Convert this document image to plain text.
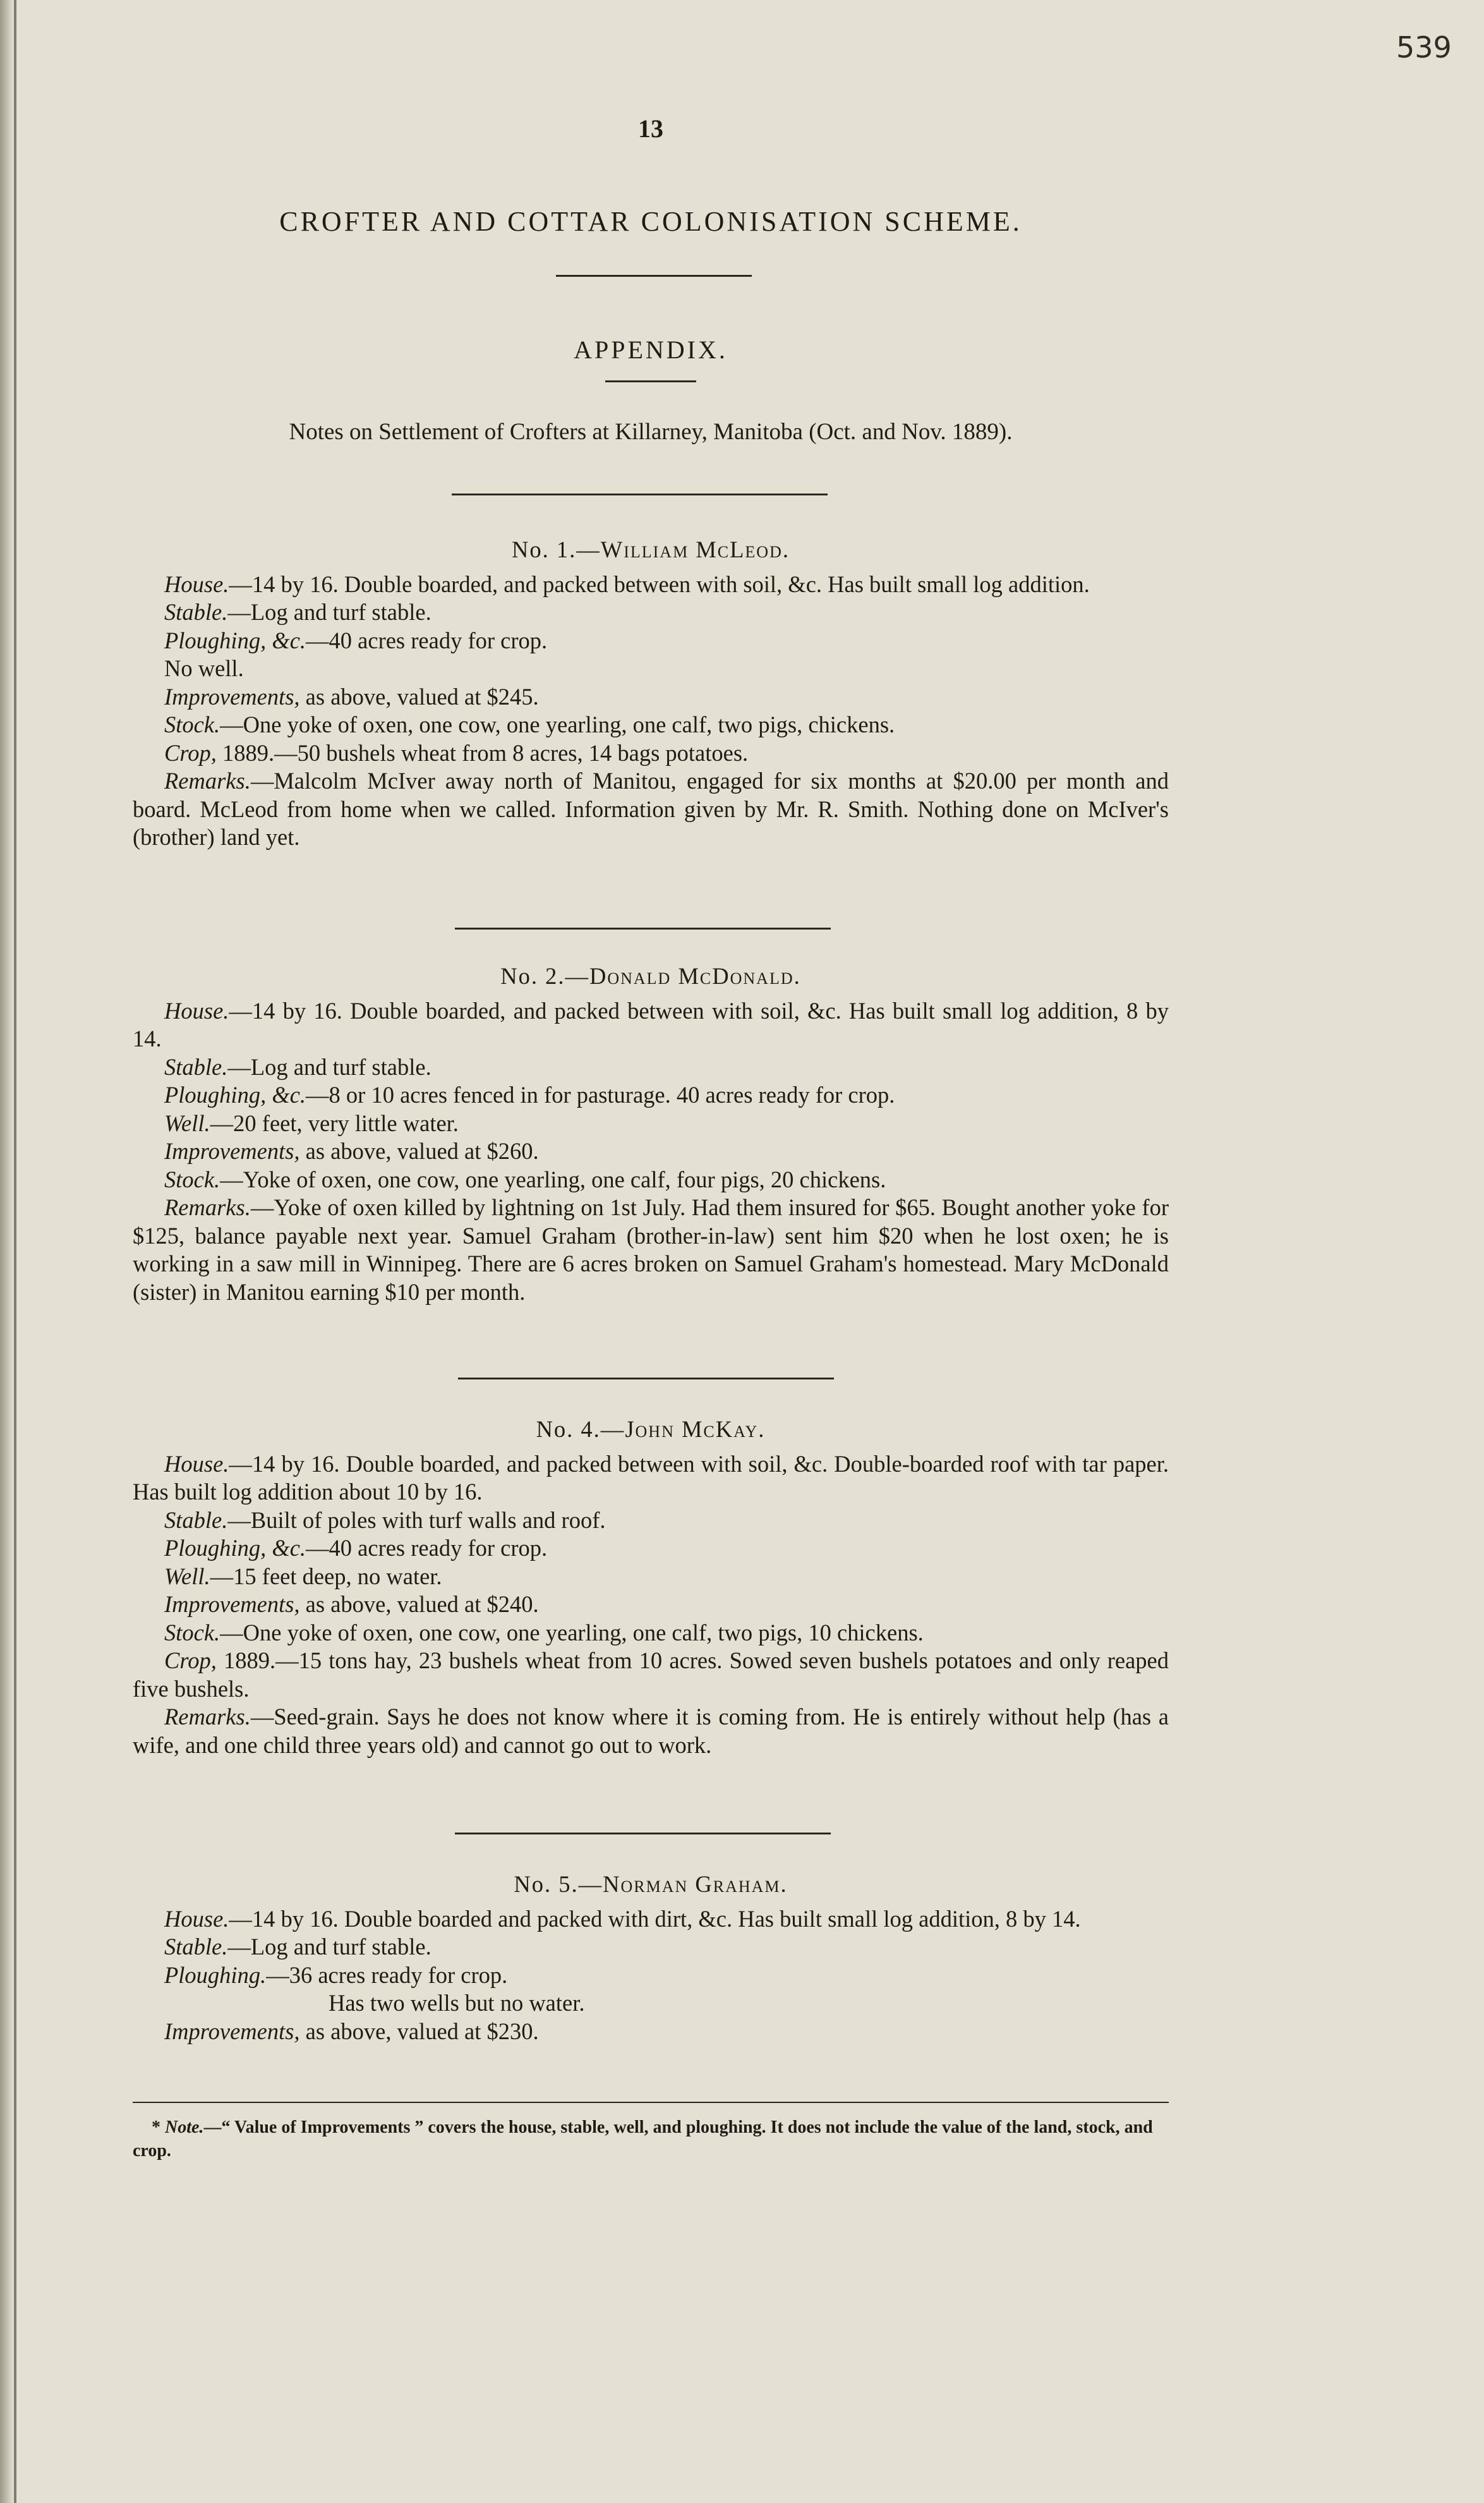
539
13
CROFTER AND COTTAR COLONISATION SCHEME.
APPENDIX.
Notes on Settlement of Crofters at Killarney, Manitoba (Oct. and Nov. 1889).
No. 1.—William McLeod.
House.—14 by 16. Double boarded, and packed between with soil, &c. Has built small log addition.
Stable.—Log and turf stable.
Ploughing, &c.—40 acres ready for crop.
No well.
Improvements, as above, valued at $245.
Stock.—One yoke of oxen, one cow, one yearling, one calf, two pigs, chickens.
Crop, 1889.—50 bushels wheat from 8 acres, 14 bags potatoes.
Remarks.—Malcolm McIver away north of Manitou, engaged for six months at $20.00 per month and board. McLeod from home when we called. Information given by Mr. R. Smith. Nothing done on McIver's (brother) land yet.
No. 2.—Donald McDonald.
House.—14 by 16. Double boarded, and packed between with soil, &c. Has built small log addition, 8 by 14.
Stable.—Log and turf stable.
Ploughing, &c.—8 or 10 acres fenced in for pasturage. 40 acres ready for crop.
Well.—20 feet, very little water.
Improvements, as above, valued at $260.
Stock.—Yoke of oxen, one cow, one yearling, one calf, four pigs, 20 chickens.
Remarks.—Yoke of oxen killed by lightning on 1st July. Had them insured for $65. Bought another yoke for $125, balance payable next year. Samuel Graham (brother-in-law) sent him $20 when he lost oxen; he is working in a saw mill in Winnipeg. There are 6 acres broken on Samuel Graham's homestead. Mary McDonald (sister) in Manitou earning $10 per month.
No. 4.—John McKay.
House.—14 by 16. Double boarded, and packed between with soil, &c. Double-boarded roof with tar paper. Has built log addition about 10 by 16.
Stable.—Built of poles with turf walls and roof.
Ploughing, &c.—40 acres ready for crop.
Well.—15 feet deep, no water.
Improvements, as above, valued at $240.
Stock.—One yoke of oxen, one cow, one yearling, one calf, two pigs, 10 chickens.
Crop, 1889.—15 tons hay, 23 bushels wheat from 10 acres. Sowed seven bushels potatoes and only reaped five bushels.
Remarks.—Seed-grain. Says he does not know where it is coming from. He is entirely without help (has a wife, and one child three years old) and cannot go out to work.
No. 5.—Norman Graham.
House.—14 by 16. Double boarded and packed with dirt, &c. Has built small log addition, 8 by 14.
Stable.—Log and turf stable.
Ploughing.—36 acres ready for crop.
Has two wells but no water.
Improvements, as above, valued at $230.
* Note.—“ Value of Improvements ” covers the house, stable, well, and ploughing. It does not include the value of the land, stock, and crop.
